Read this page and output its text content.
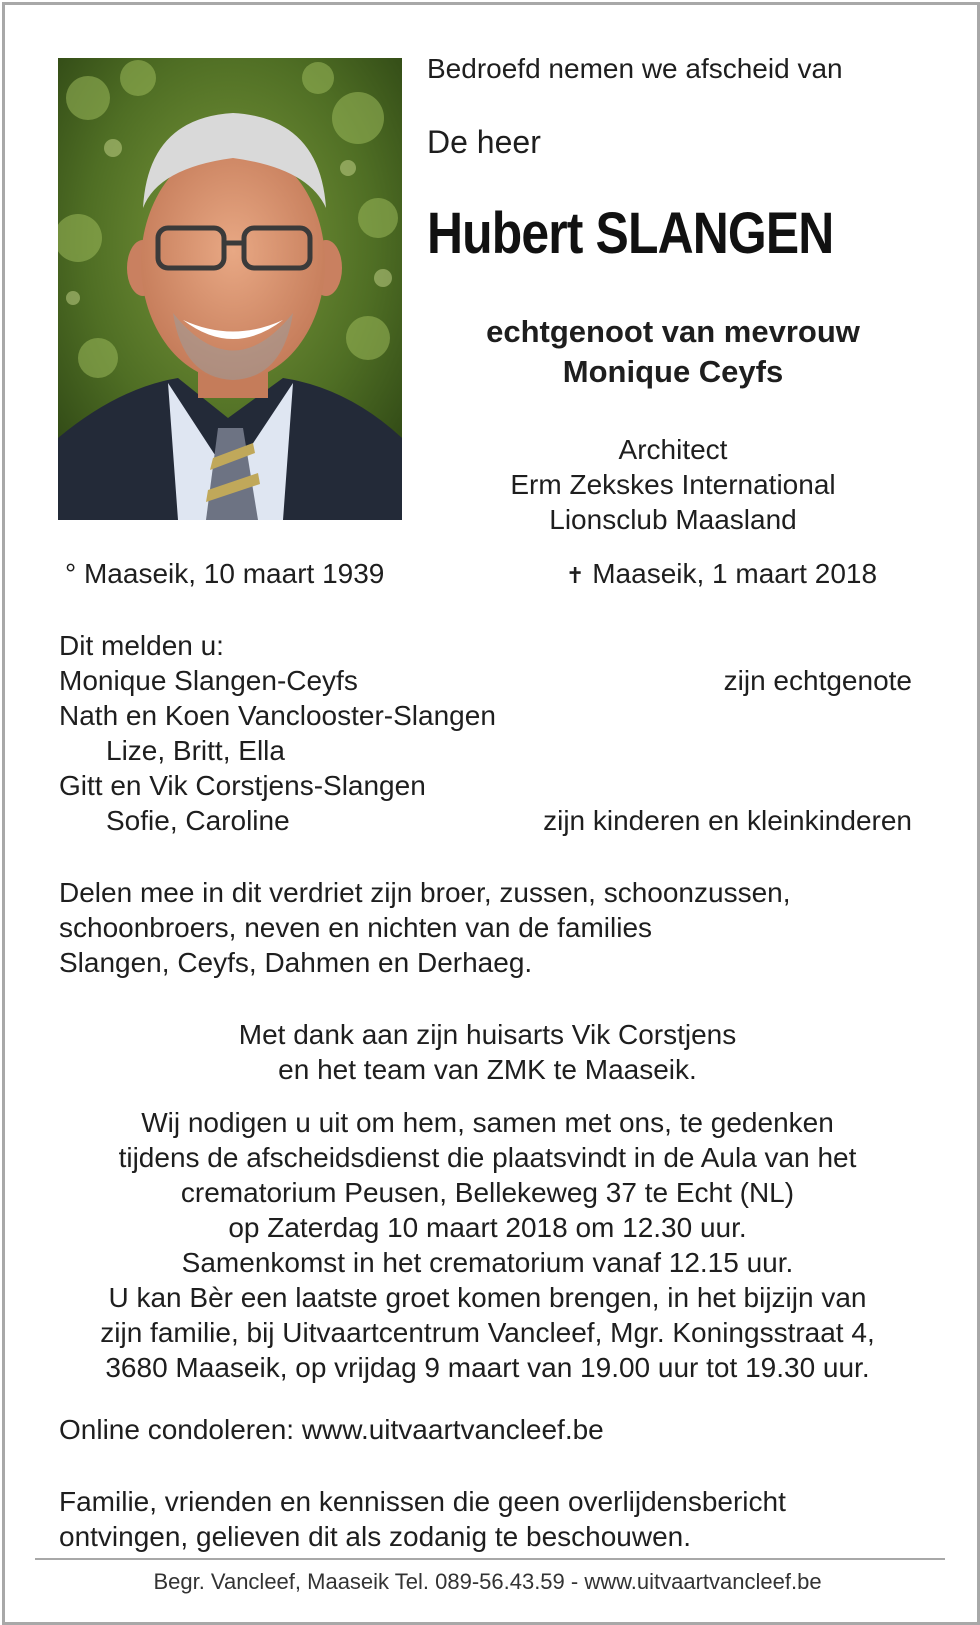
Bedroefd nemen we afscheid van
De heer
Hubert SLANGEN
echtgenoot van mevrouw
Monique Ceyfs
Architect
Erm Zekskes International
Lionsclub Maasland
° Maaseik, 10 maart 1939	✝ Maaseik, 1 maart 2018
Dit melden u:
Monique Slangen-Ceyfs	zijn echtgenote
Nath en Koen Vanclooster-Slangen
Lize, Britt, Ella
Gitt en Vik Corstjens-Slangen
Sofie, Caroline	zijn kinderen en kleinkinderen
Delen mee in dit verdriet zijn broer, zussen, schoonzussen,
schoonbroers, neven en nichten van de families
Slangen, Ceyfs, Dahmen en Derhaeg.
Met dank aan zijn huisarts Vik Corstjens
en het team van ZMK te Maaseik.
Wij nodigen u uit om hem, samen met ons, te gedenken
tijdens de afscheidsdienst die plaatsvindt in de Aula van het
crematorium Peusen, Bellekeweg 37 te Echt (NL)
op Zaterdag 10 maart 2018 om 12.30 uur.
Samenkomst in het crematorium vanaf 12.15 uur.
U kan Bèr een laatste groet komen brengen, in het bijzijn van
zijn familie, bij Uitvaartcentrum Vancleef, Mgr. Koningsstraat 4,
3680 Maaseik, op vrijdag 9 maart van 19.00 uur tot 19.30 uur.
Online condoleren: www.uitvaartvancleef.be
Familie, vrienden en kennissen die geen overlijdensbericht
ontvingen, gelieven dit als zodanig te beschouwen.
Begr. Vancleef, Maaseik Tel. 089-56.43.59 - www.uitvaartvancleef.be
